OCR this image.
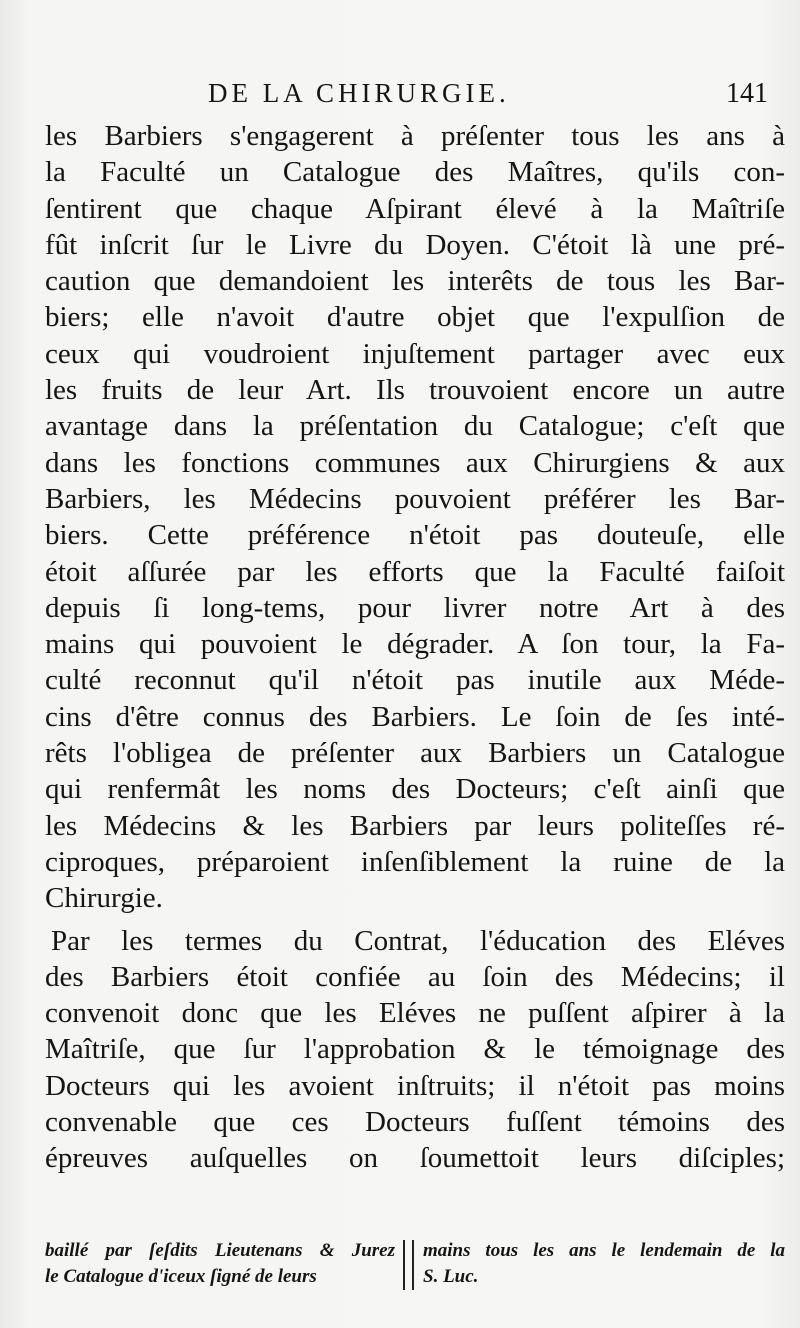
DE LA CHIRURGIE.	141
les Barbiers s'engagerent à préſenter tous les ans à
la Faculté un Catalogue des Maîtres, qu'ils con-
ſentirent que chaque Aſpirant élevé à la Maîtriſe
fût inſcrit ſur le Livre du Doyen. C'étoit là une pré-
caution que demandoient les interêts de tous les Bar-
biers; elle n'avoit d'autre objet que l'expulſion de
ceux qui voudroient injuſtement partager avec eux
les fruits de leur Art. Ils trouvoient encore un autre
avantage dans la préſentation du Catalogue; c'eſt que
dans les fonctions communes aux Chirurgiens & aux
Barbiers, les Médecins pouvoient préférer les Bar-
biers. Cette préférence n'étoit pas douteuſe, elle
étoit aſſurée par les efforts que la Faculté faiſoit
depuis ſi long-tems, pour livrer notre Art à des
mains qui pouvoient le dégrader. A ſon tour, la Fa-
culté reconnut qu'il n'étoit pas inutile aux Méde-
cins d'être connus des Barbiers. Le ſoin de ſes inté-
rêts l'obligea de préſenter aux Barbiers un Catalogue
qui renfermât les noms des Docteurs; c'eſt ainſi que
les Médecins & les Barbiers par leurs politeſſes ré-
ciproques, préparoient inſenſiblement la ruine de la
Chirurgie.
Par les termes du Contrat, l'éducation des Eléves
des Barbiers étoit confiée au ſoin des Médecins; il
convenoit donc que les Eléves ne puſſent aſpirer à la
Maîtriſe, que ſur l'approbation & le témoignage des
Docteurs qui les avoient inſtruits; il n'étoit pas moins
convenable que ces Docteurs fuſſent témoins des
épreuves auſquelles on ſoumettoit leurs diſciples;
baillé par ſeſdits Lieutenans & Jurez
le Catalogue d'iceux ſigné de leurs
mains tous les ans le lendemain de la
S. Luc.
